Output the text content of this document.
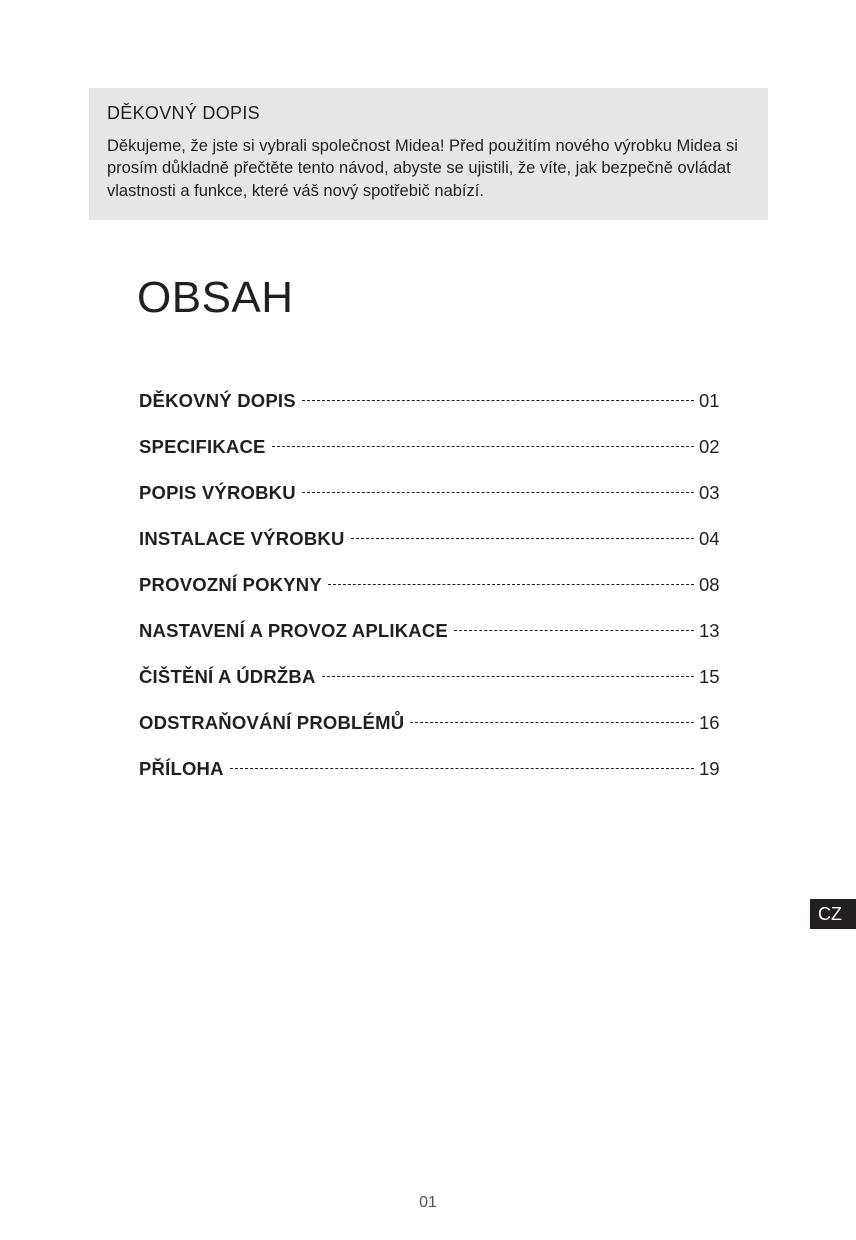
DĚKOVNÝ DOPIS

Děkujeme, že jste si vybrali společnost Midea! Před použitím nového výrobku Midea si prosím důkladně přečtěte tento návod, abyste se ujistili, že víte, jak bezpečně ovládat vlastnosti a funkce, které váš nový spotřebič nabízí.

OBSAH
DĚKOVNÝ DOPIS	01
SPECIFIKACE	02
POPIS VÝROBKU	03
INSTALACE VÝROBKU	04
PROVOZNÍ POKYNY	08
NASTAVENÍ A PROVOZ APLIKACE	13
ČIŠTĚNÍ A ÚDRŽBA	15
ODSTRAŇOVÁNÍ PROBLÉMŮ	16
PŘÍLOHA	19
CZ
01
